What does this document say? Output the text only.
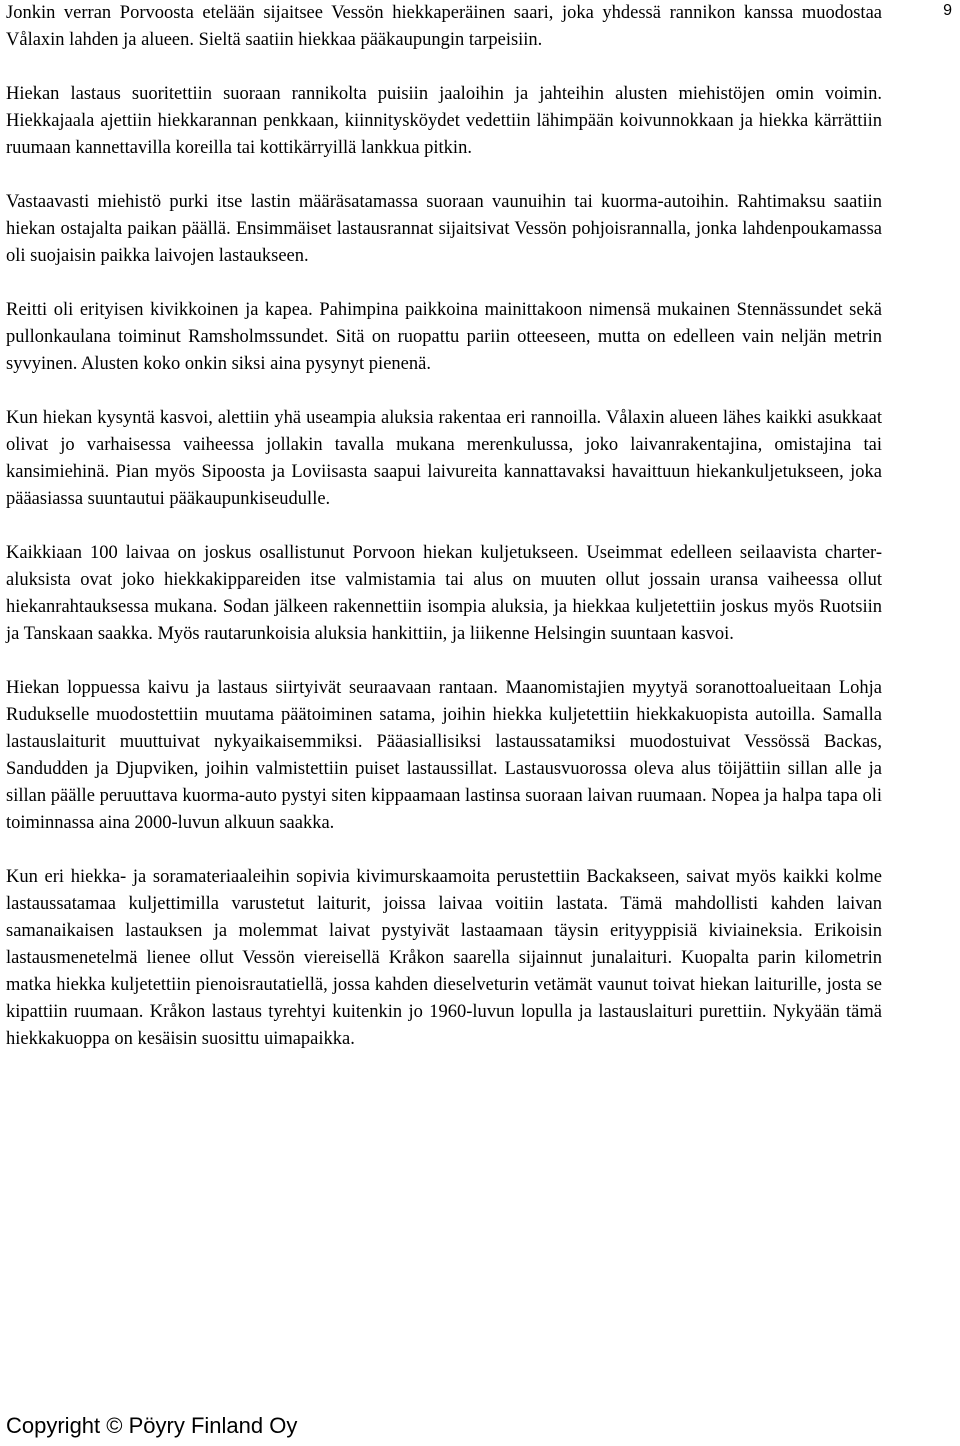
9

Jonkin verran Porvoosta etelään sijaitsee Vessön hiekkaperäinen saari, joka yhdessä rannikon kanssa muodostaa Vålaxin lahden ja alueen. Sieltä saatiin hiekkaa pääkaupungin tarpeisiin.

Hiekan lastaus suoritettiin suoraan rannikolta puisiin jaaloihin ja jahteihin alusten miehistöjen omin voimin. Hiekkajaala ajettiin hiekkarannan penkkaan, kiinnitysköydet vedettiin lähimpään koivunnokkaan ja hiekka kärrättiin ruumaan kannettavilla koreilla tai kottikärryillä lankkua pitkin.

Vastaavasti miehistö purki itse lastin määräsatamassa suoraan vaunuihin tai kuorma-autoihin. Rahtimaksu saatiin hiekan ostajalta paikan päällä. Ensimmäiset lastausrannat sijaitsivat Vessön pohjoisrannalla, jonka lahdenpoukamassa oli suojaisin paikka laivojen lastaukseen.

Reitti oli erityisen kivikkoinen ja kapea. Pahimpina paikkoina mainittakoon nimensä mukainen Stennässundet sekä pullonkaulana toiminut Ramsholmssundet. Sitä on ruopattu pariin otteeseen, mutta on edelleen vain neljän metrin syvyinen. Alusten koko onkin siksi aina pysynyt pienenä.

Kun hiekan kysyntä kasvoi, alettiin yhä useampia aluksia rakentaa eri rannoilla. Vålaxin alueen lähes kaikki asukkaat olivat jo varhaisessa vaiheessa jollakin tavalla mukana merenkulussa, joko laivanrakentajina, omistajina tai kansimiehinä. Pian myös Sipoosta ja Loviisasta saapui laivureita kannattavaksi havaittuun hiekankuljetukseen, joka pääasiassa suuntautui pääkaupunkiseudulle.

Kaikkiaan 100 laivaa on joskus osallistunut Porvoon hiekan kuljetukseen. Useimmat edelleen seilaavista charter-aluksista ovat joko hiekkakippareiden itse valmistamia tai alus on muuten ollut jossain uransa vaiheessa ollut hiekanrahtauksessa mukana. Sodan jälkeen rakennettiin isompia aluksia, ja hiekkaa kuljetettiin joskus myös Ruotsiin ja Tanskaan saakka. Myös rautarunkoisia aluksia hankittiin, ja liikenne Helsingin suuntaan kasvoi.

Hiekan loppuessa kaivu ja lastaus siirtyivät seuraavaan rantaan. Maanomistajien myytyä soranottoalueitaan Lohja Rudukselle muodostettiin muutama päätoiminen satama, joihin hiekka kuljetettiin hiekkakuopista autoilla. Samalla lastauslaiturit muuttuivat nykyaikaisemmiksi. Pääasiallisiksi lastaussatamiksi muodostuivat Vessössä Backas, Sandudden ja Djupviken, joihin valmistettiin puiset lastaussillat. Lastausvuorossa oleva alus töijättiin sillan alle ja sillan päälle peruuttava kuorma-auto pystyi siten kippaamaan lastinsa suoraan laivan ruumaan. Nopea ja halpa tapa oli toiminnassa aina 2000-luvun alkuun saakka.

Kun eri hiekka- ja soramateriaaleihin sopivia kivimurskaamoita perustettiin Backakseen, saivat myös kaikki kolme lastaussatamaa kuljettimilla varustetut laiturit, joissa laivaa voitiin lastata. Tämä mahdollisti kahden laivan samanaikaisen lastauksen ja molemmat laivat pystyivät lastaamaan täysin erityyppisiä kiviaineksia. Erikoisin lastausmenetelmä lienee ollut Vessön viereisellä Kråkon saarella sijainnut junalaituri. Kuopalta parin kilometrin matka hiekka kuljetettiin pienoisrautatiellä, jossa kahden dieselveturin vetämät vaunut toivat hiekan laiturille, josta se kipattiin ruumaan. Kråkon lastaus tyrehtyi kuitenkin jo 1960-luvun lopulla ja lastauslaituri purettiin. Nykyään tämä hiekkakuoppa on kesäisin suosittu uimapaikka.

Copyright © Pöyry Finland Oy
